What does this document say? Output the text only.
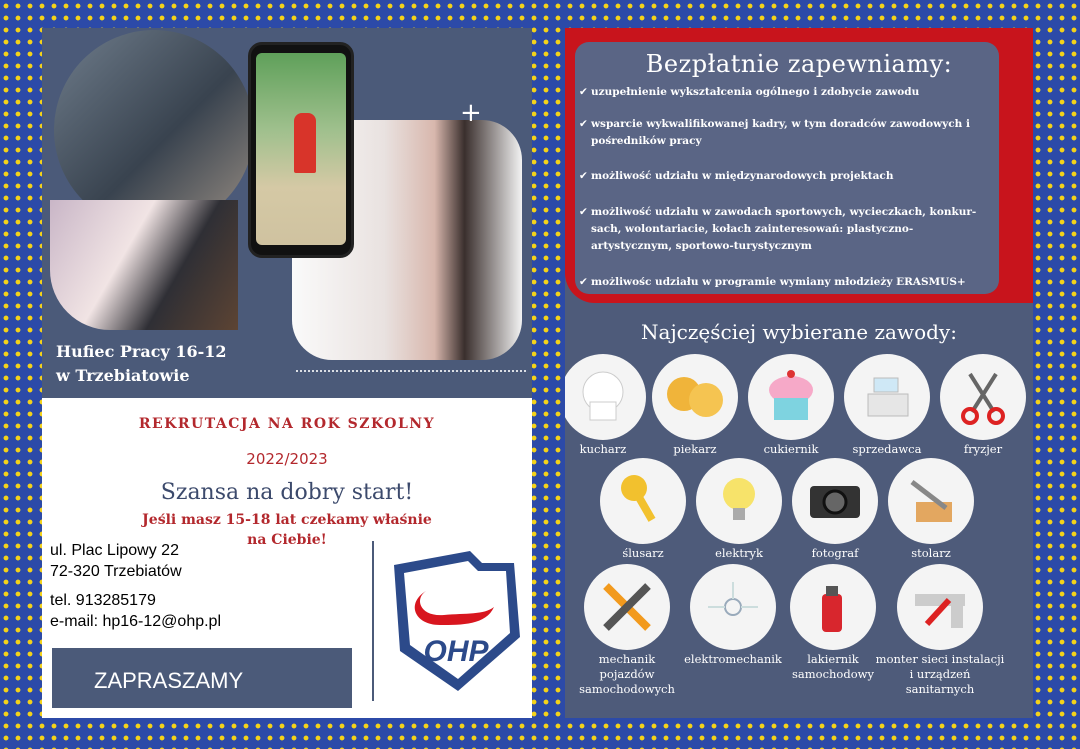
+
Hufiec Pracy 16-12
w Trzebiatowie
REKRUTACJA NA ROK SZKOLNY
2022/2023
Szansa na dobry start!
Jeśli masz 15-18 lat czekamy właśnie
na Ciebie!
ul. Plac Lipowy 22
72-320 Trzebiatów
tel. 913285179
e-mail: hp16-12@ohp.pl
ZAPRASZAMY
OHP
Bezpłatnie zapewniamy:
✔ uzupełnienie wykształcenia ogólnego i zdobycie zawodu
✔ wsparcie wykwalifikowanej kadry, w tym doradców zawodowych i pośredników pracy
✔ możliwość udziału w międzynarodowych projektach
✔ możliwość udziału w zawodach sportowych, wycieczkach, konkur-sach, wolontariacie, kołach zainteresowań: plastyczno-artystycznym, sportowo-turystycznym
✔ możliwośc udziału w programie wymiany młodzieży ERASMUS+
Najczęściej wybierane zawody:
kucharz	piekarz	cukiernik	sprzedawca	fryzjer
ślusarz	elektryk	fotograf	stolarz
mechanik pojazdów samochodowych
elektromechanik	lakiernik samochodowy
monter sieci instalacji i urządzeń sanitarnych
